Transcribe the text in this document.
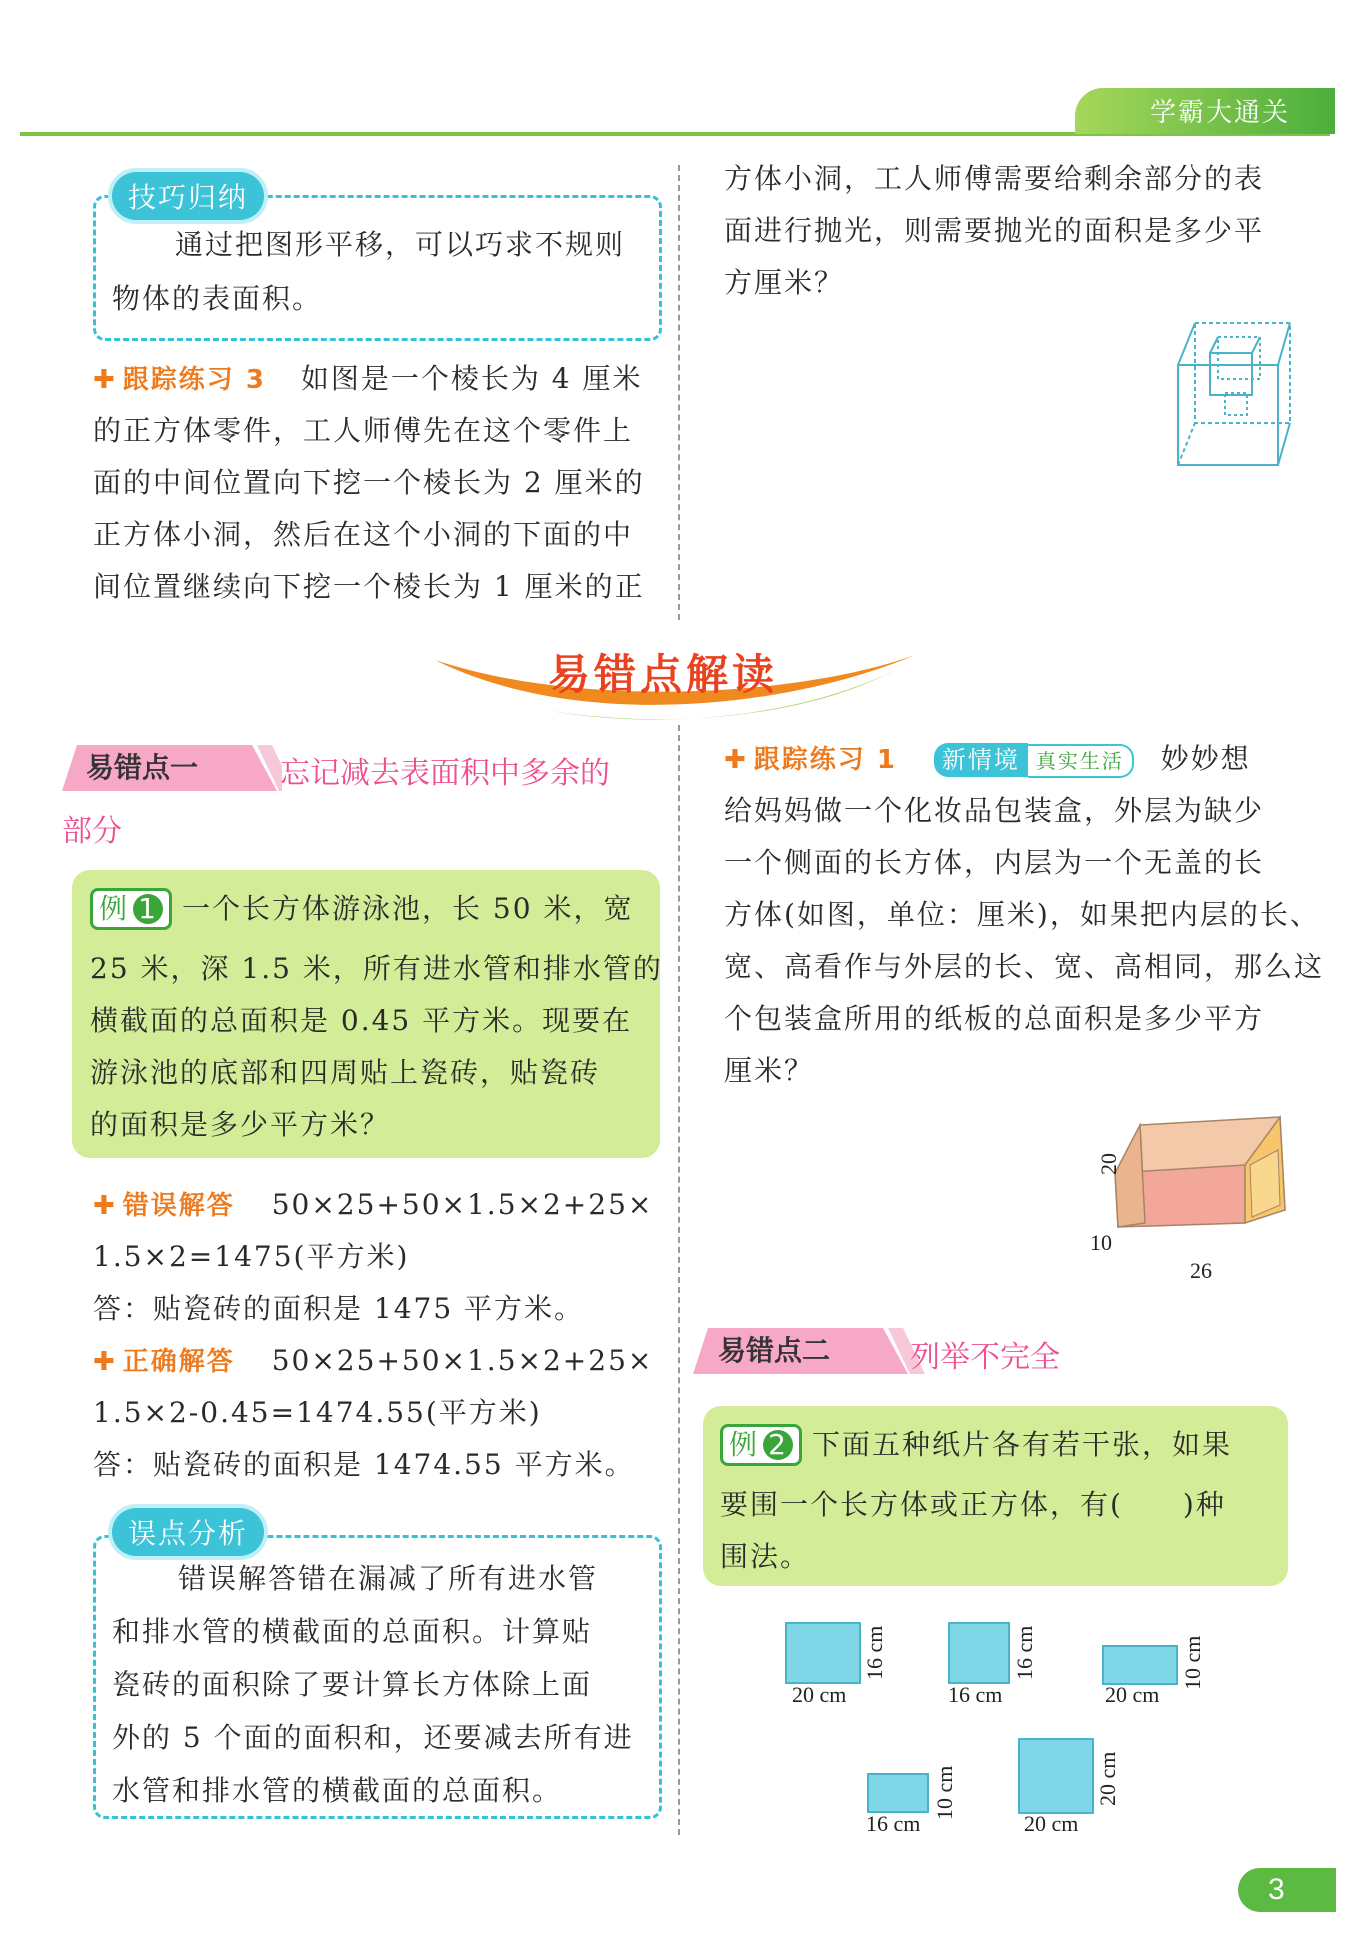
学霸大通关
技巧归纳
通过把图形平移，可以巧求不规则
物体的表面积。
✚ 跟踪练习 3 如图是一个棱长为 4 厘米
的正方体零件，工人师傅先在这个零件上
面的中间位置向下挖一个棱长为 2 厘米的
正方体小洞，然后在这个小洞的下面的中
间位置继续向下挖一个棱长为 1 厘米的正
方体小洞，工人师傅需要给剩余部分的表
面进行抛光，则需要抛光的面积是多少平
方厘米？
易错点解读
易错点一	忘记减去表面积中多余的
部分
例 1 一个长方体游泳池，长 50 米，宽
25 米，深 1.5 米，所有进水管和排水管的
横截面的总面积是 0.45 平方米。现要在
游泳池的底部和四周贴上瓷砖，贴瓷砖
的面积是多少平方米？
✚ 错误解答 50×25+50×1.5×2+25×
1.5×2=1475(平方米)
答：贴瓷砖的面积是 1475 平方米。
✚ 正确解答 50×25+50×1.5×2+25×
1.5×2-0.45=1474.55(平方米)
答：贴瓷砖的面积是 1474.55 平方米。
误点分析
错误解答错在漏减了所有进水管
和排水管的横截面的总面积。计算贴
瓷砖的面积除了要计算长方体除上面
外的 5 个面的面积和，还要减去所有进
水管和排水管的横截面的总面积。
✚ 跟踪练习 1 新情境 真实生活 妙妙想
给妈妈做一个化妆品包装盒，外层为缺少
一个侧面的长方体，内层为一个无盖的长
方体(如图，单位：厘米)，如果把内层的长、
宽、高看作与外层的长、宽、高相同，那么这
个包装盒所用的纸板的总面积是多少平方
厘米？
20
10
26
易错点二	列举不完全
例 2 下面五种纸片各有若干张，如果
要围一个长方体或正方体，有(　　)种
围法。
20 cm
16 cm
16 cm
16 cm
20 cm
10 cm
16 cm
10 cm
20 cm
20 cm
3
